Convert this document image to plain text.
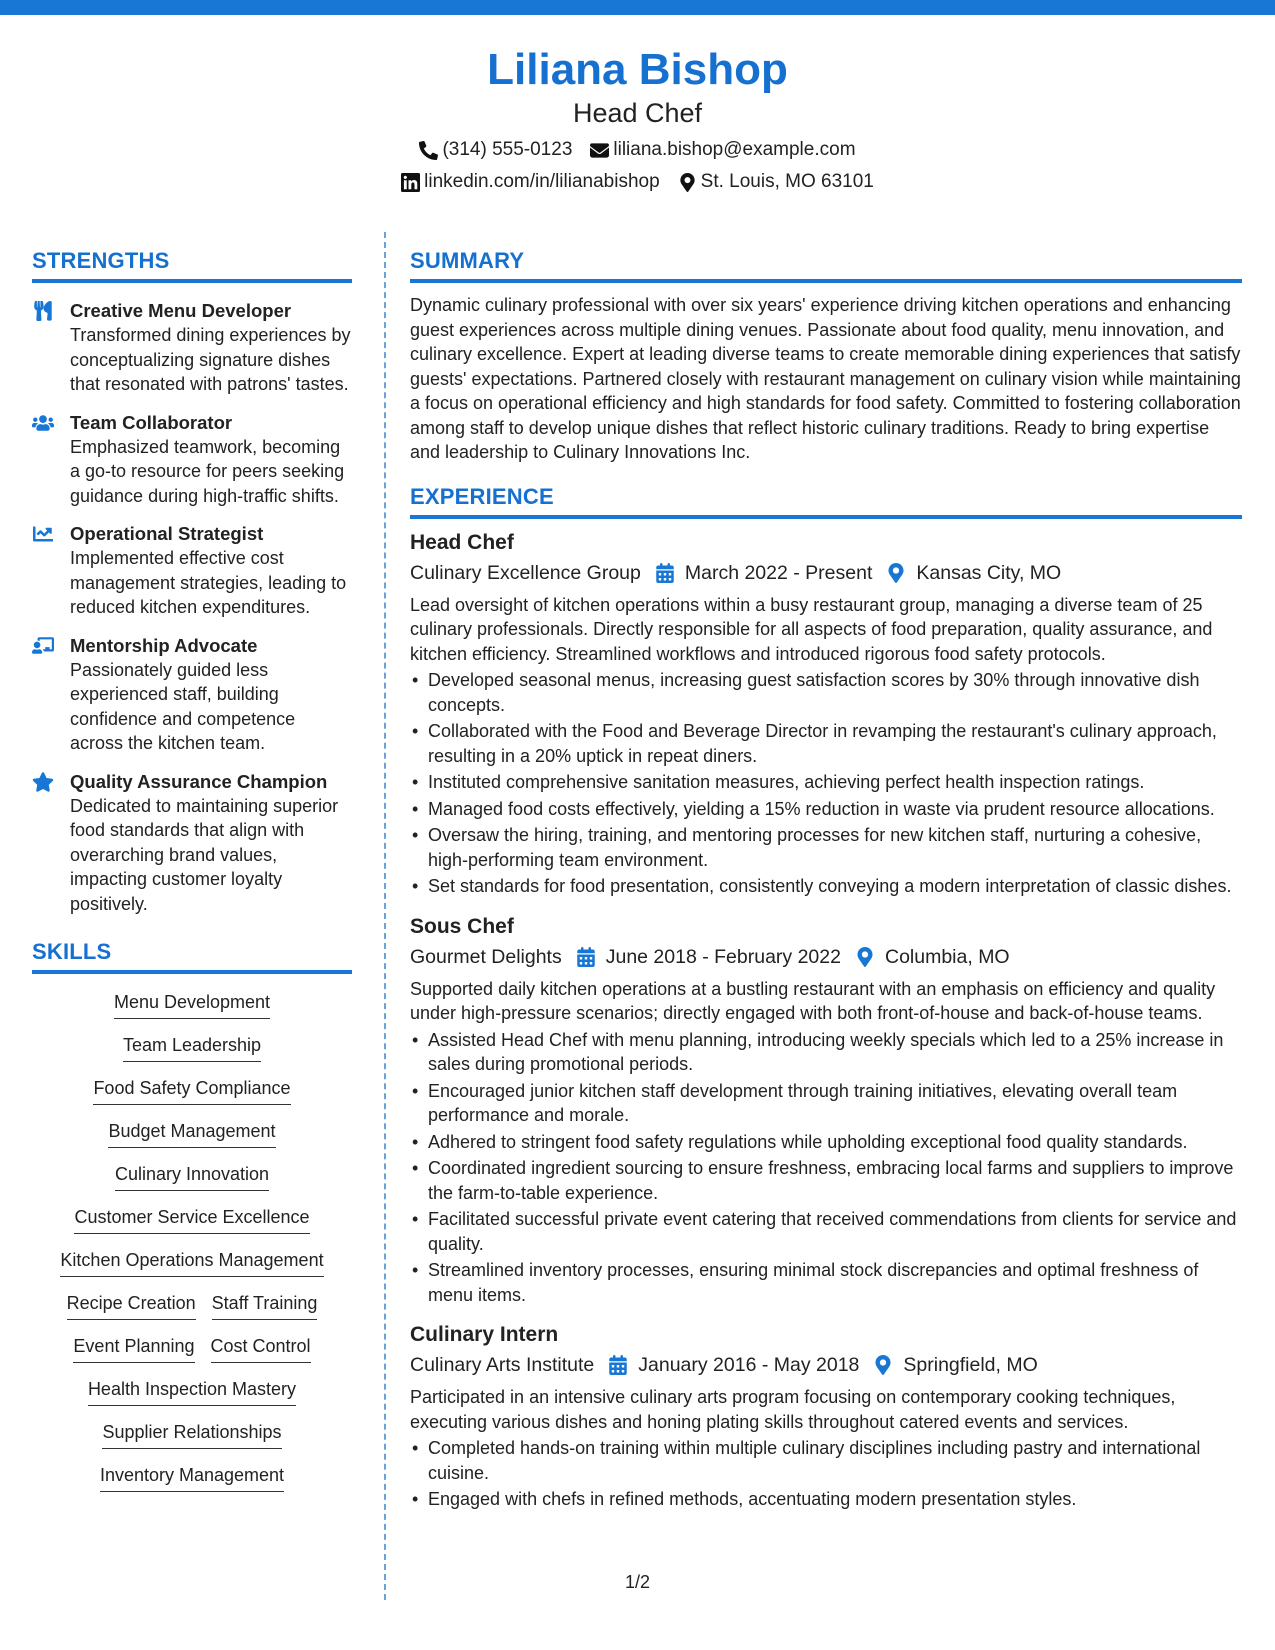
Liliana Bishop
Head Chef
(314) 555-0123 liliana.bishop@example.com
linkedin.com/in/lilianabishop St. Louis, MO 63101
STRENGTHS
Creative Menu Developer
Transformed dining experiences by conceptualizing signature dishes that resonated with patrons' tastes.
Team Collaborator
Emphasized teamwork, becoming a go-to resource for peers seeking guidance during high-traffic shifts.
Operational Strategist
Implemented effective cost management strategies, leading to reduced kitchen expenditures.
Mentorship Advocate
Passionately guided less experienced staff, building confidence and competence across the kitchen team.
Quality Assurance Champion
Dedicated to maintaining superior food standards that align with overarching brand values, impacting customer loyalty positively.
SKILLS
Menu Development
Team Leadership
Food Safety Compliance
Budget Management
Culinary Innovation
Customer Service Excellence
Kitchen Operations Management
Recipe Creation Staff Training
Event Planning Cost Control
Health Inspection Mastery
Supplier Relationships
Inventory Management
SUMMARY
Dynamic culinary professional with over six years' experience driving kitchen operations and enhancing guest experiences across multiple dining venues. Passionate about food quality, menu innovation, and culinary excellence. Expert at leading diverse teams to create memorable dining experiences that satisfy guests' expectations. Partnered closely with restaurant management on culinary vision while maintaining a focus on operational efficiency and high standards for food safety. Committed to fostering collaboration among staff to develop unique dishes that reflect historic culinary traditions. Ready to bring expertise and leadership to Culinary Innovations Inc.
EXPERIENCE
Head Chef
Culinary Excellence Group March 2022 - Present Kansas City, MO
Lead oversight of kitchen operations within a busy restaurant group, managing a diverse team of 25 culinary professionals. Directly responsible for all aspects of food preparation, quality assurance, and kitchen efficiency. Streamlined workflows and introduced rigorous food safety protocols.
• Developed seasonal menus, increasing guest satisfaction scores by 30% through innovative dish concepts.
• Collaborated with the Food and Beverage Director in revamping the restaurant's culinary approach, resulting in a 20% uptick in repeat diners.
• Instituted comprehensive sanitation measures, achieving perfect health inspection ratings.
• Managed food costs effectively, yielding a 15% reduction in waste via prudent resource allocations.
• Oversaw the hiring, training, and mentoring processes for new kitchen staff, nurturing a cohesive, high-performing team environment.
• Set standards for food presentation, consistently conveying a modern interpretation of classic dishes.
Sous Chef
Gourmet Delights June 2018 - February 2022 Columbia, MO
Supported daily kitchen operations at a bustling restaurant with an emphasis on efficiency and quality under high-pressure scenarios; directly engaged with both front-of-house and back-of-house teams.
• Assisted Head Chef with menu planning, introducing weekly specials which led to a 25% increase in sales during promotional periods.
• Encouraged junior kitchen staff development through training initiatives, elevating overall team performance and morale.
• Adhered to stringent food safety regulations while upholding exceptional food quality standards.
• Coordinated ingredient sourcing to ensure freshness, embracing local farms and suppliers to improve the farm-to-table experience.
• Facilitated successful private event catering that received commendations from clients for service and quality.
• Streamlined inventory processes, ensuring minimal stock discrepancies and optimal freshness of menu items.
Culinary Intern
Culinary Arts Institute January 2016 - May 2018 Springfield, MO
Participated in an intensive culinary arts program focusing on contemporary cooking techniques, executing various dishes and honing plating skills throughout catered events and services.
• Completed hands-on training within multiple culinary disciplines including pastry and international cuisine.
• Engaged with chefs in refined methods, accentuating modern presentation styles.
1/2
